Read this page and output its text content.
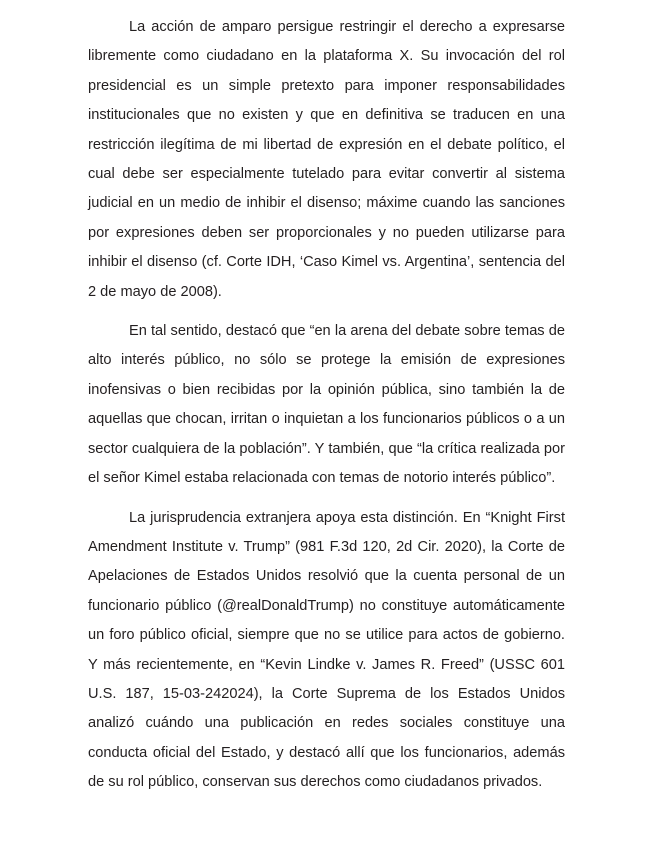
La acción de amparo persigue restringir el derecho a expresarse libremente como ciudadano en la plataforma X. Su invocación del rol presidencial es un simple pretexto para imponer responsabilidades institucionales que no existen y que en definitiva se traducen en una restricción ilegítima de mi libertad de expresión en el debate político, el cual debe ser especialmente tutelado para evitar convertir al sistema judicial en un medio de inhibir el disenso; máxime cuando las sanciones por expresiones deben ser proporcionales y no pueden utilizarse para inhibir el disenso (cf. Corte IDH, ‘Caso Kimel vs. Argentina’, sentencia del 2 de mayo de 2008).

En tal sentido, destacó que “en la arena del debate sobre temas de alto interés público, no sólo se protege la emisión de expresiones inofensivas o bien recibidas por la opinión pública, sino también la de aquellas que chocan, irritan o inquietan a los funcionarios públicos o a un sector cualquiera de la población”. Y también, que “la crítica realizada por el señor Kimel estaba relacionada con temas de notorio interés público”.

La jurisprudencia extranjera apoya esta distinción. En “Knight First Amendment Institute v. Trump” (981 F.3d 120, 2d Cir. 2020), la Corte de Apelaciones de Estados Unidos resolvió que la cuenta personal de un funcionario público (@realDonaldTrump) no constituye automáticamente un foro público oficial, siempre que no se utilice para actos de gobierno. Y más recientemente, en “Kevin Lindke v. James R. Freed” (USSC 601 U.S. 187, 15-03-242024), la Corte Suprema de los Estados Unidos analizó cuándo una publicación en redes sociales constituye una conducta oficial del Estado, y destacó allí que los funcionarios, además de su rol público, conservan sus derechos como ciudadanos privados.
